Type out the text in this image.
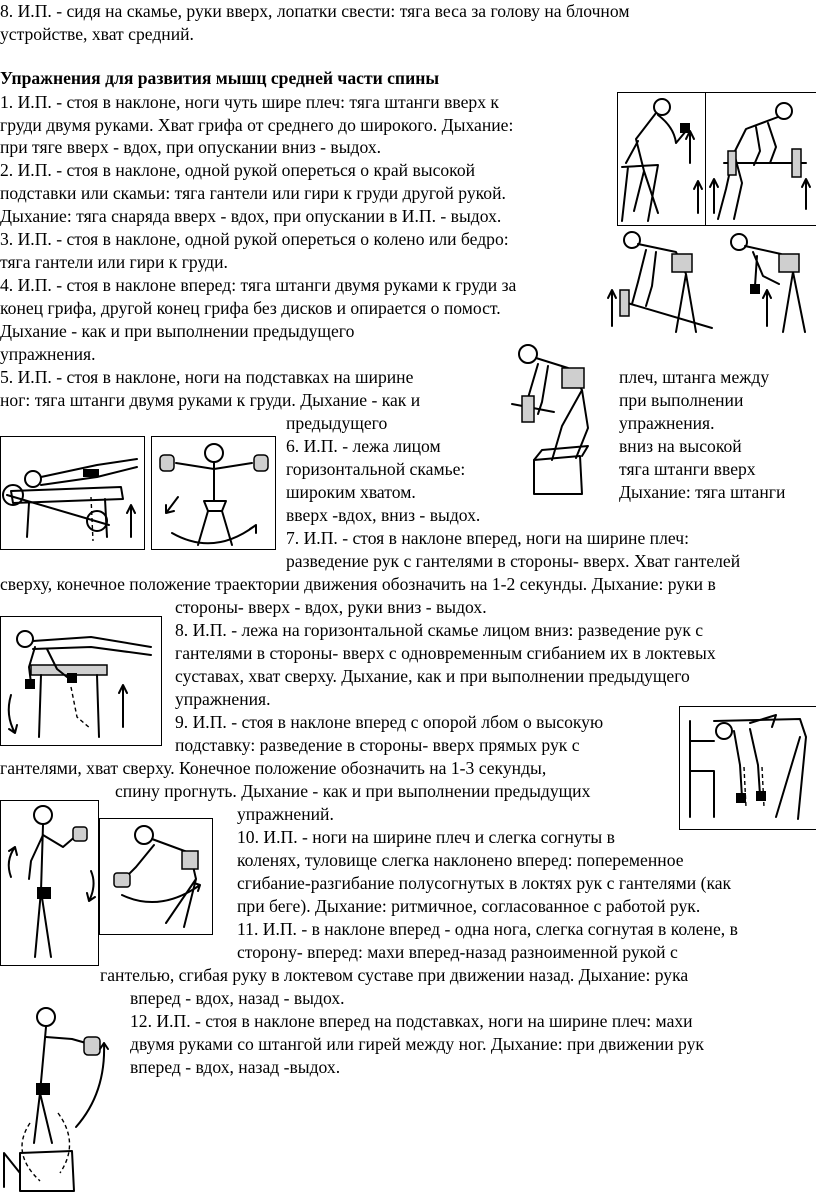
8. И.П. - сидя на скамье, руки вверх, лопатки свести: тяга веса за голову на блочном
устройстве, хват средний.
Упражнения для развития мышц средней части спины
1. И.П. - стоя в наклоне, ноги чуть шире плеч: тяга штанги вверх к
груди двумя руками. Хват грифа от среднего до широкого. Дыхание:
при тяге вверх - вдох, при опускании вниз - выдох.
2. И.П. - стоя в наклоне, одной рукой опереться о край высокой
подставки или скамьи: тяга гантели или гири к груди другой рукой.
Дыхание: тяга снаряда вверх - вдох, при опускании в И.П. - выдох.
3. И.П. - стоя в наклоне, одной рукой опереться о колено или бедро:
тяга гантели или гири к груди.
4. И.П. - стоя в наклоне вперед: тяга штанги двумя руками к груди за
конец грифа, другой конец грифа без дисков и опирается о помост.
Дыхание - как и при выполнении предыдущего
упражнения.
5. И.П. - стоя в наклоне, ноги на подставках на ширине	плеч, штанга между
ног: тяга штанги двумя руками к груди. Дыхание - как и	при выполнении
предыдущего	упражнения.
6. И.П. - лежа лицом	вниз на высокой
горизонтальной скамье:	тяга штанги вверх
широким хватом.	Дыхание: тяга штанги
вверх -вдох, вниз - выдох.
7. И.П. - стоя в наклоне вперед, ноги на ширине плеч:
разведение рук с гантелями в стороны- вверх. Хват гантелей
сверху, конечное положение траектории движения обозначить на 1-2 секунды. Дыхание: руки в
стороны- вверх - вдох, руки вниз - выдох.
8. И.П. - лежа на горизонтальной скамье лицом вниз: разведение рук с
гантелями в стороны- вверх с одновременным сгибанием их в локтевых
суставах, хват сверху. Дыхание, как и при выполнении предыдущего
упражнения.
9. И.П. - стоя в наклоне вперед с опорой лбом о высокую
подставку: разведение в стороны- вверх прямых рук с
гантелями, хват сверху. Конечное положение обозначить на 1-3 секунды,
спину прогнуть. Дыхание - как и при выполнении предыдущих
упражнений.
10. И.П. - ноги на ширине плеч и слегка согнуты в
коленях, туловище слегка наклонено вперед: попеременное
сгибание-разгибание полусогнутых в локтях рук с гантелями (как
при беге). Дыхание: ритмичное, согласованное с работой рук.
11. И.П. - в наклоне вперед - одна нога, слегка согнутая в колене, в
сторону- вперед: махи вперед-назад разноименной рукой с
гантелью, сгибая руку в локтевом суставе при движении назад. Дыхание: рука
вперед - вдох, назад - выдох.
12. И.П. - стоя в наклоне вперед на подставках, ноги на ширине плеч: махи
двумя руками со штангой или гирей между ног. Дыхание: при движении рук
вперед - вдох, назад -выдох.
